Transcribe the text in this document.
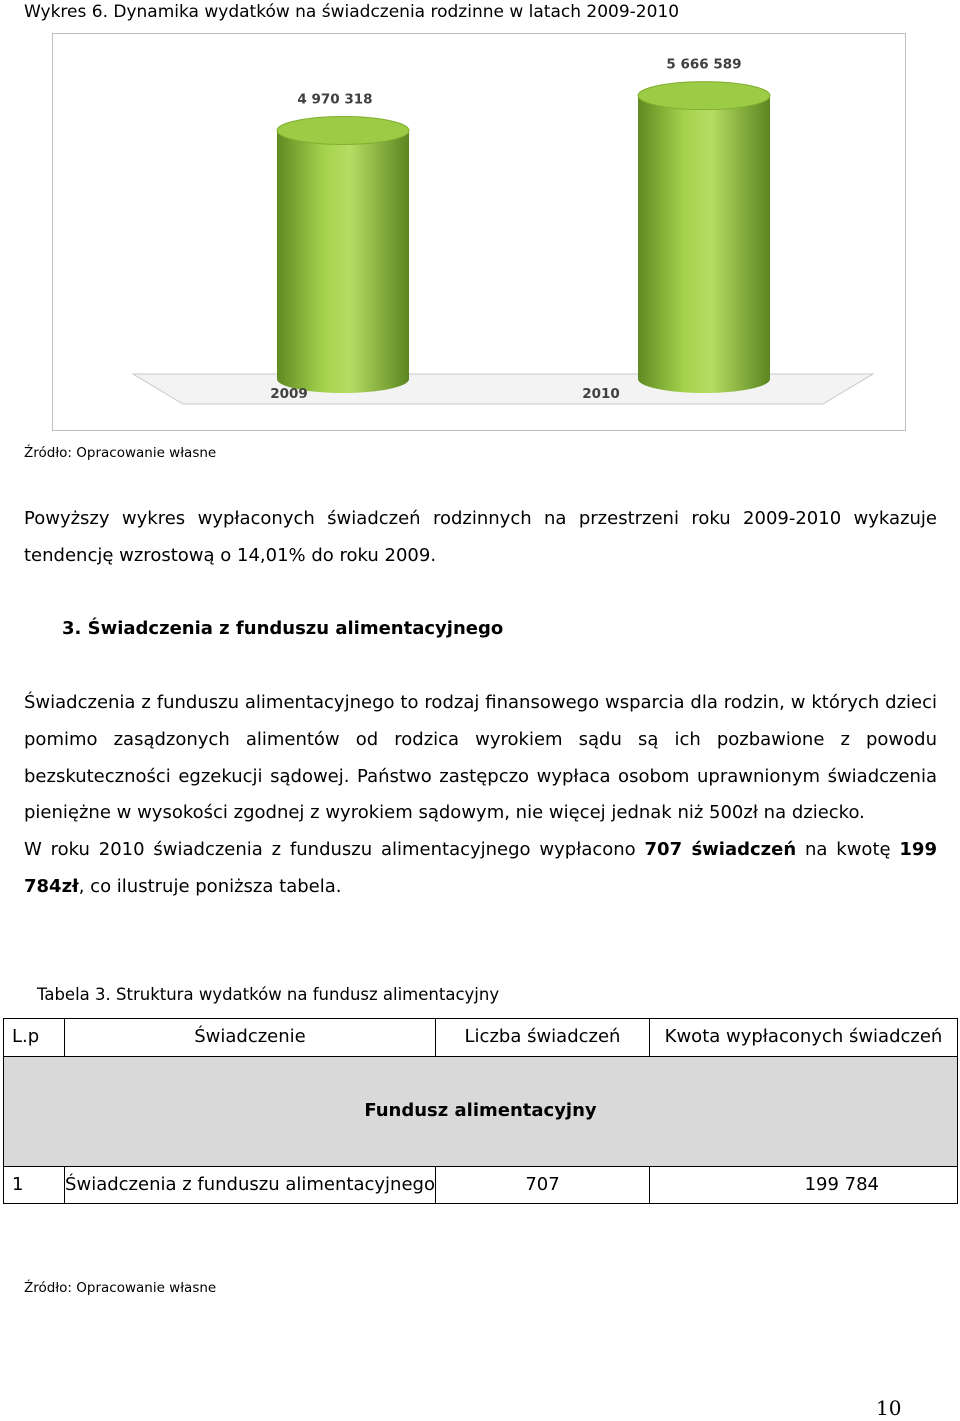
Wykres 6. Dynamika wydatków na świadczenia rodzinne w latach 2009-2010
4 970 318
2009
5 666 589
2010
Źródło: Opracowanie własne

Powyższy wykres wypłaconych świadczeń rodzinnych na przestrzeni roku 2009-2010 wykazuje tendencję wzrostową o 14,01% do roku 2009.

3. Świadczenia z funduszu alimentacyjnego

Świadczenia z funduszu alimentacyjnego to rodzaj finansowego wsparcia dla rodzin, w których dzieci pomimo zasądzonych alimentów od rodzica wyrokiem sądu są ich pozbawione z powodu bezskuteczności egzekucji sądowej. Państwo zastępczo wypłaca osobom uprawnionym świadczenia pieniężne w wysokości zgodnej z wyrokiem sądowym, nie więcej jednak niż 500zł na dziecko.

W roku 2010 świadczenia z funduszu alimentacyjnego wypłacono 707 świadczeń na kwotę 199 784zł, co ilustruje poniższa tabela.

Tabela 3. Struktura wydatków na fundusz alimentacyjny
L.p	Świadczenie	Liczba świadczeń	Kwota wypłaconych świadczeń
Fundusz alimentacyjny			
1	Świadczenia z funduszu alimentacyjnego	707	199 784
Źródło: Opracowanie własne
10
